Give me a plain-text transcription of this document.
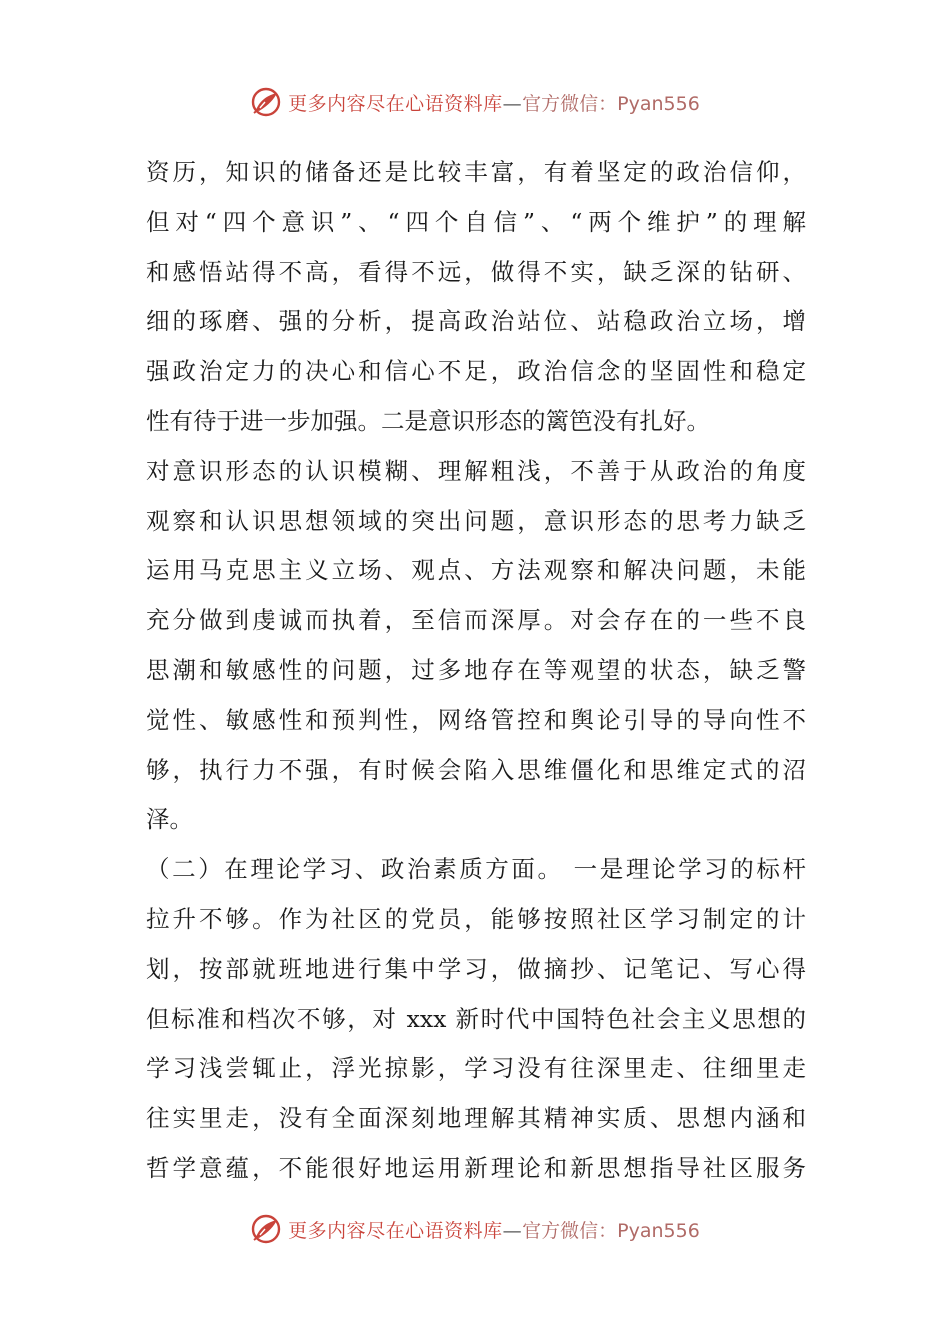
更多内容尽在心语资料库—官方微信：Pyan556
资历，知识的储备还是比较丰富，有着坚定的政治信仰，
但对“四个意识”、“四个自信”、“两个维护”的理解
和感悟站得不高，看得不远，做得不实，缺乏深的钻研、
细的琢磨、强的分析，提高政治站位、站稳政治立场，增
强政治定力的决心和信心不足，政治信念的坚固性和稳定
性有待于进一步加强。二是意识形态的篱笆没有扎好。
对意识形态的认识模糊、理解粗浅，不善于从政治的角度
观察和认识思想领域的突出问题，意识形态的思考力缺乏
运用马克思主义立场、观点、方法观察和解决问题，未能
充分做到虔诚而执着，至信而深厚。对会存在的一些不良
思潮和敏感性的问题，过多地存在等观望的状态，缺乏警
觉性、敏感性和预判性，网络管控和舆论引导的导向性不
够，执行力不强，有时候会陷入思维僵化和思维定式的沼
泽。
（二）在理论学习、政治素质方面。 一是理论学习的标杆
拉升不够。作为社区的党员，能够按照社区学习制定的计
划，按部就班地进行集中学习，做摘抄、记笔记、写心得
但标准和档次不够，对 xxx 新时代中国特色社会主义思想的
学习浅尝辄止，浮光掠影，学习没有往深里走、往细里走
往实里走，没有全面深刻地理解其精神实质、思想内涵和
哲学意蕴，不能很好地运用新理论和新思想指导社区服务
更多内容尽在心语资料库—官方微信：Pyan556
